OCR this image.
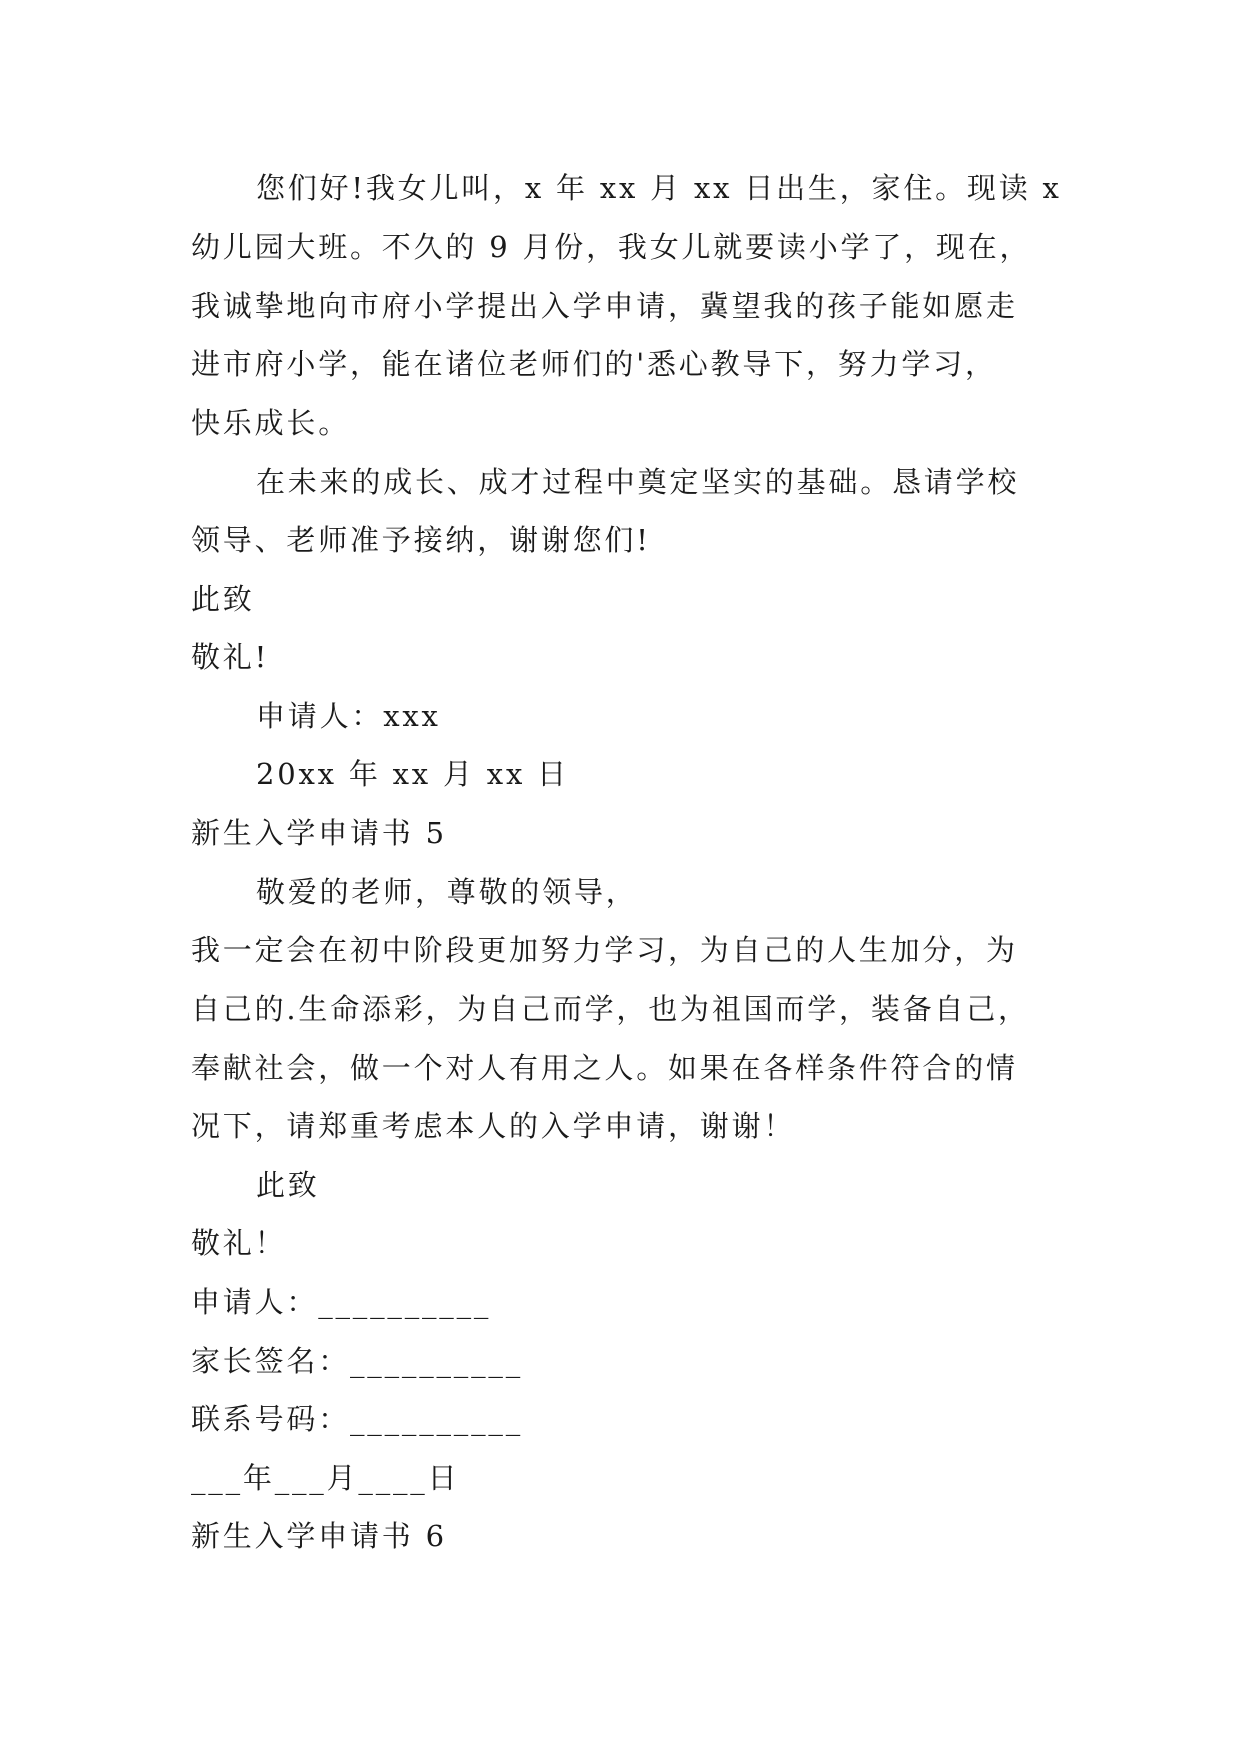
您们好!我女儿叫，x 年 xx 月 xx 日出生，家住。现读 x
幼儿园大班。不久的 9 月份，我女儿就要读小学了，现在，
我诚挚地向市府小学提出入学申请，冀望我的孩子能如愿走
进市府小学，能在诸位老师们的'悉心教导下，努力学习，
快乐成长。
在未来的成长、成才过程中奠定坚实的基础。恳请学校
领导、老师准予接纳，谢谢您们!
此致
敬礼!
申请人：xxx
20xx 年 xx 月 xx 日
新生入学申请书 5
敬爱的老师，尊敬的领导，
我一定会在初中阶段更加努力学习，为自己的人生加分，为
自己的.生命添彩，为自己而学，也为祖国而学，装备自己，
奉献社会，做一个对人有用之人。如果在各样条件符合的情
况下，请郑重考虑本人的入学申请，谢谢！
此致
敬礼！
申请人：__________
家长签名：__________
联系号码：__________
___年___月____日
新生入学申请书 6
